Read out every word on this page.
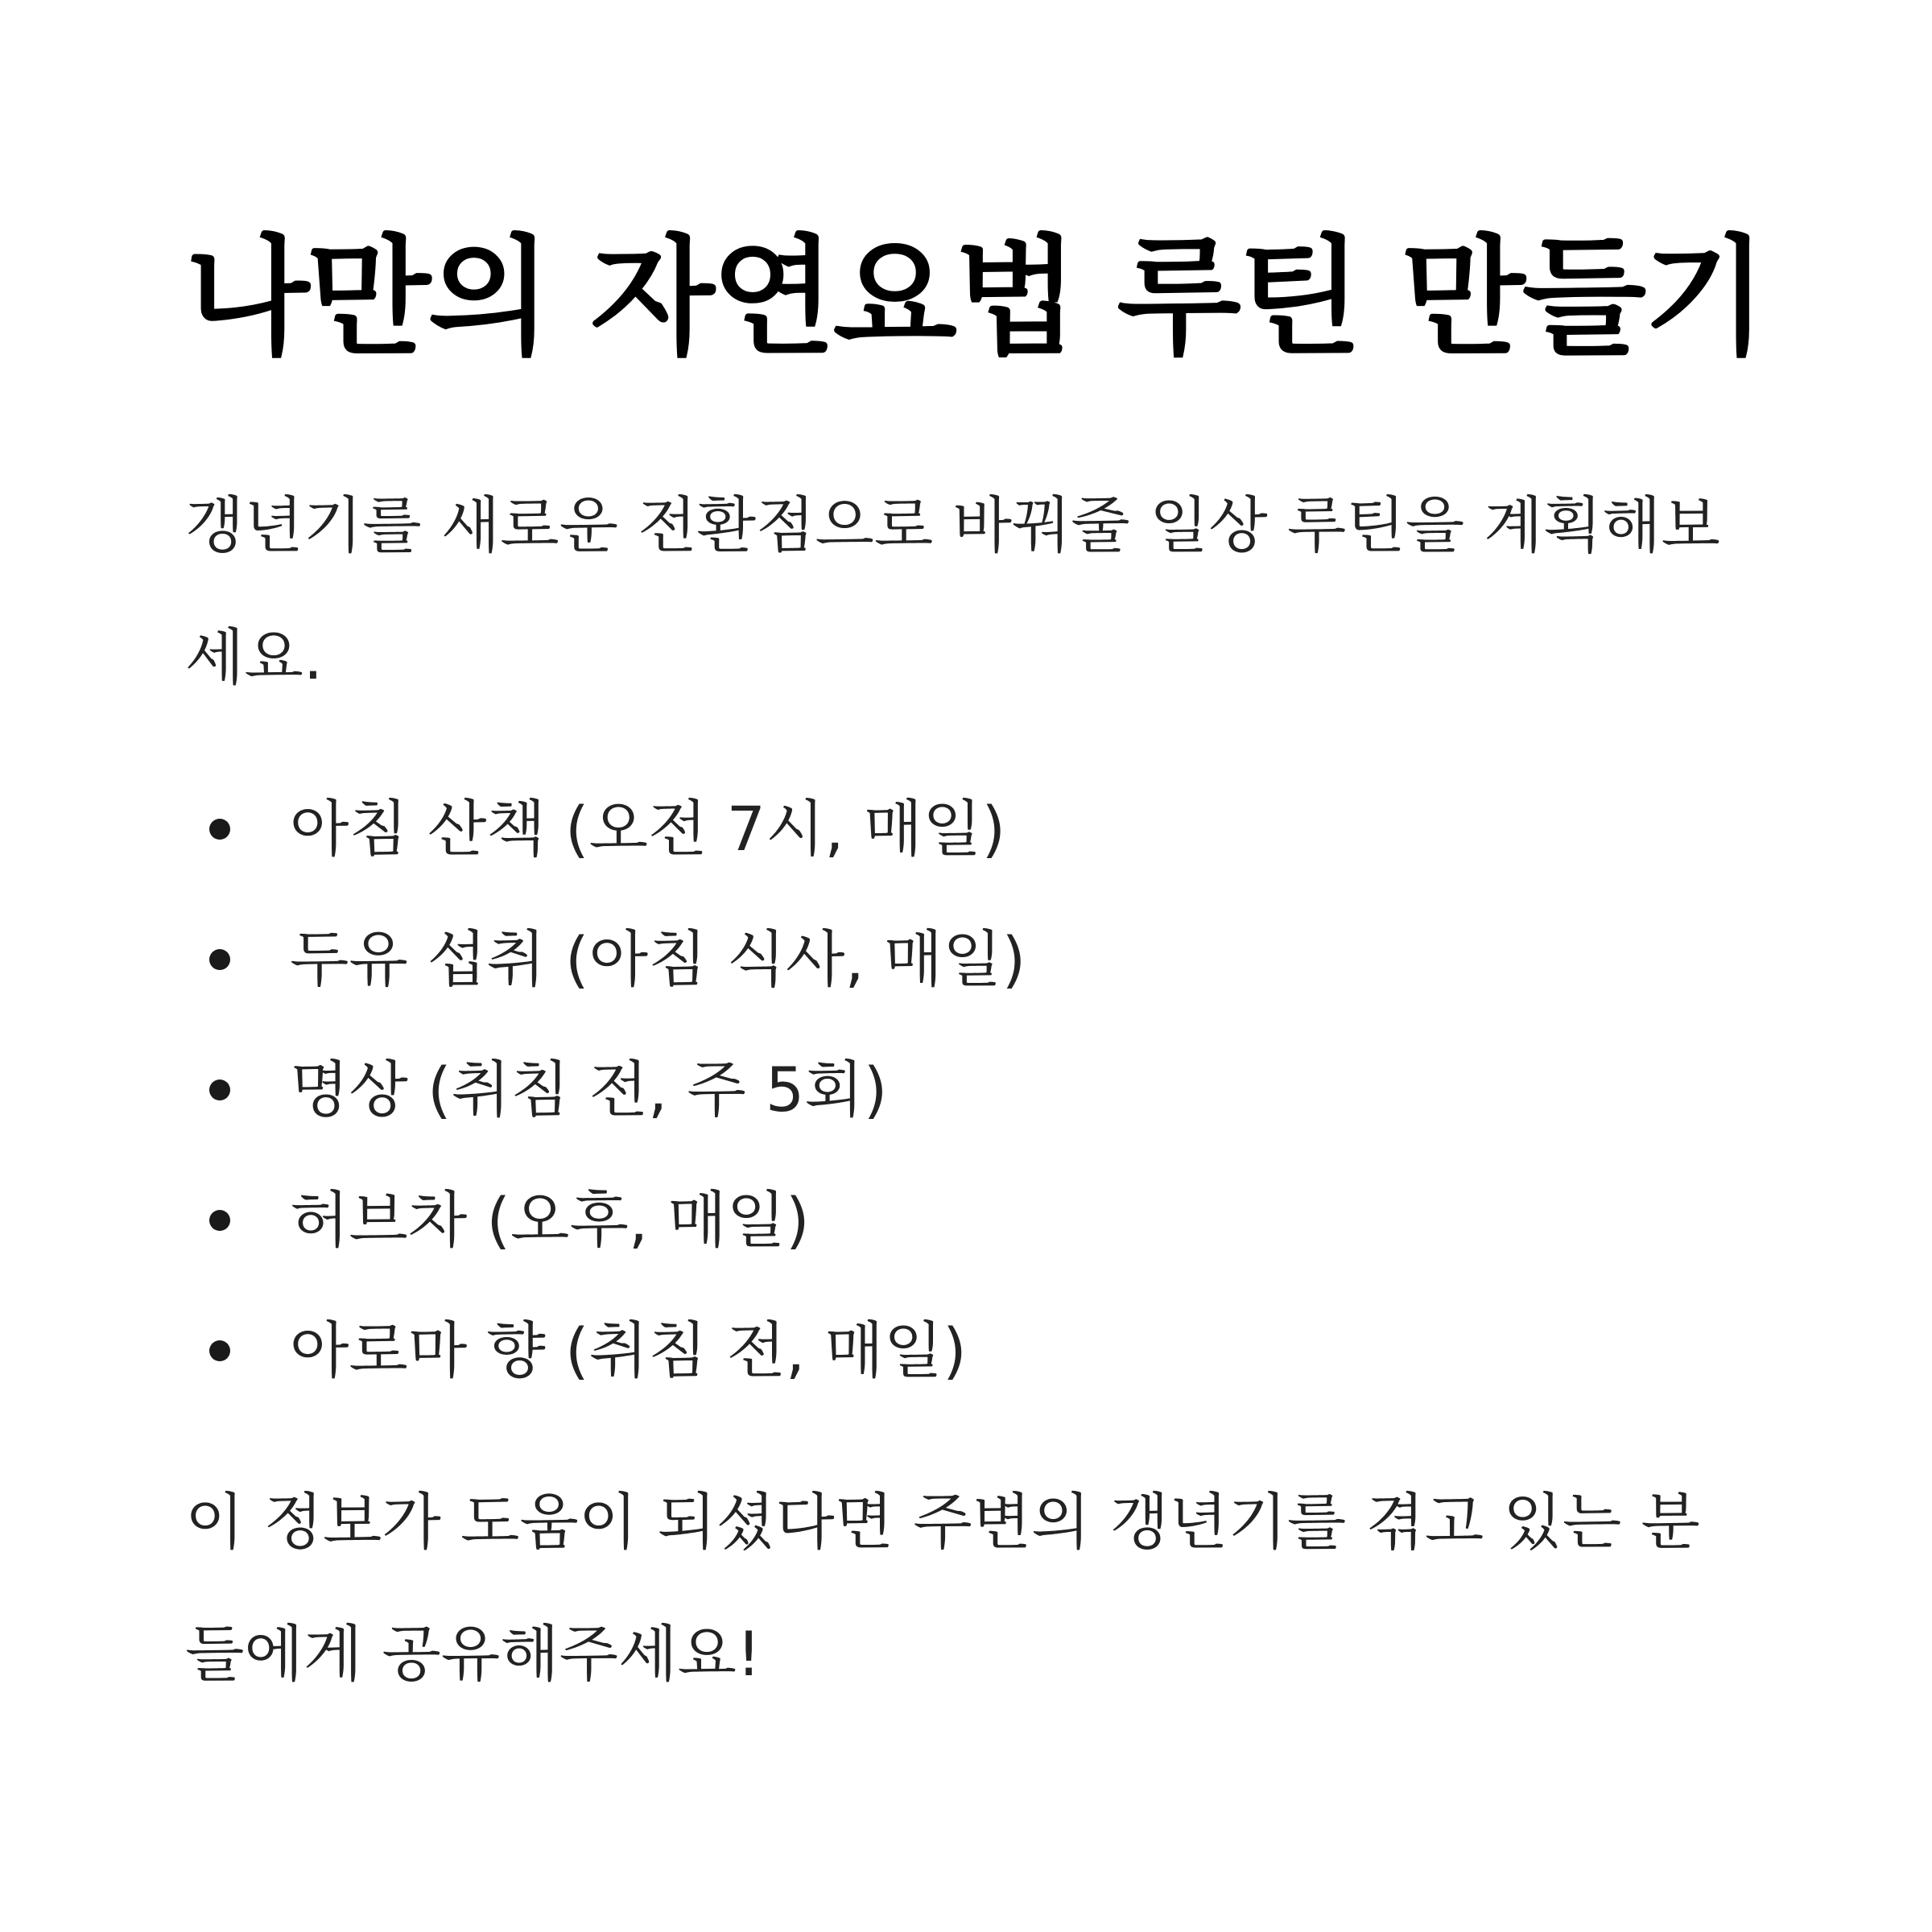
나만의 자연요법 루틴 만들기

갱년기를 새로운 전환점으로 바꿔줄 일상 루틴을 계획해보세요.

아침 산책 (오전 7시, 매일)
두유 섭취 (아침 식사, 매일)
명상 (취침 전, 주 5회)
허브차 (오후, 매일)
아로마 향 (취침 전, 매일)

이 정보가 도움이 되셨다면 주변의 갱년기를 겪고 있는 분들에게 공유해주세요!
